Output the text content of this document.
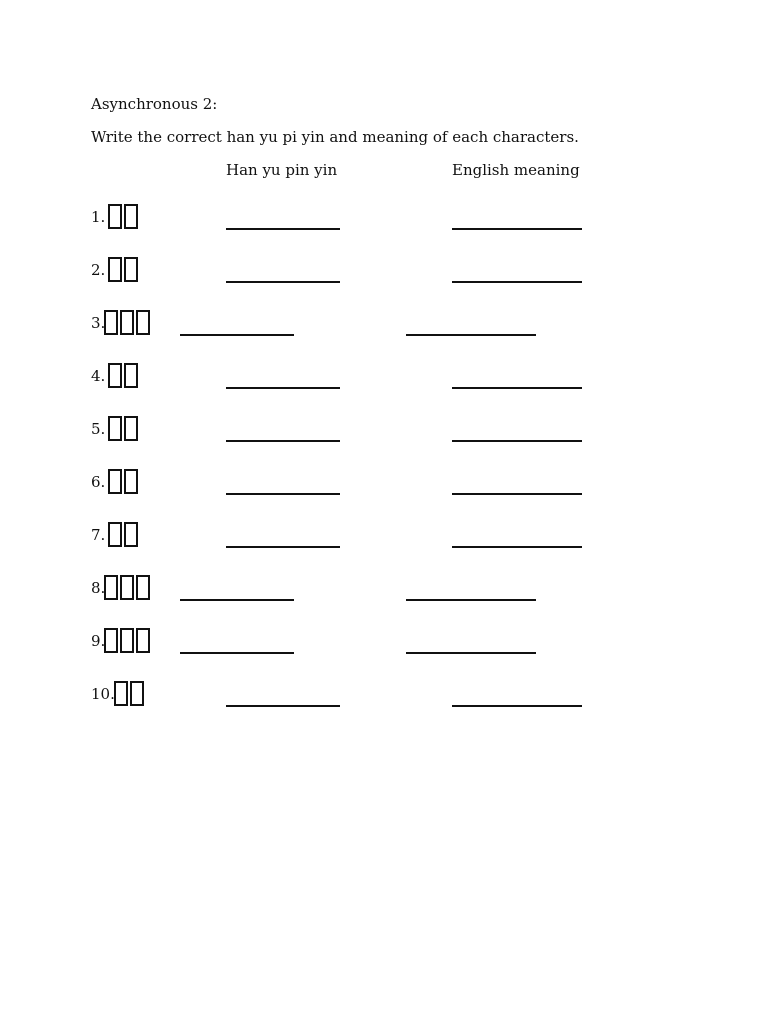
Asynchronous 2:
Write the correct han yu pi yin and meaning of each characters.
Han yu pin yin	English meaning
1.
2.
3.
4.
5.
6.
7.
8.
9.
10.
